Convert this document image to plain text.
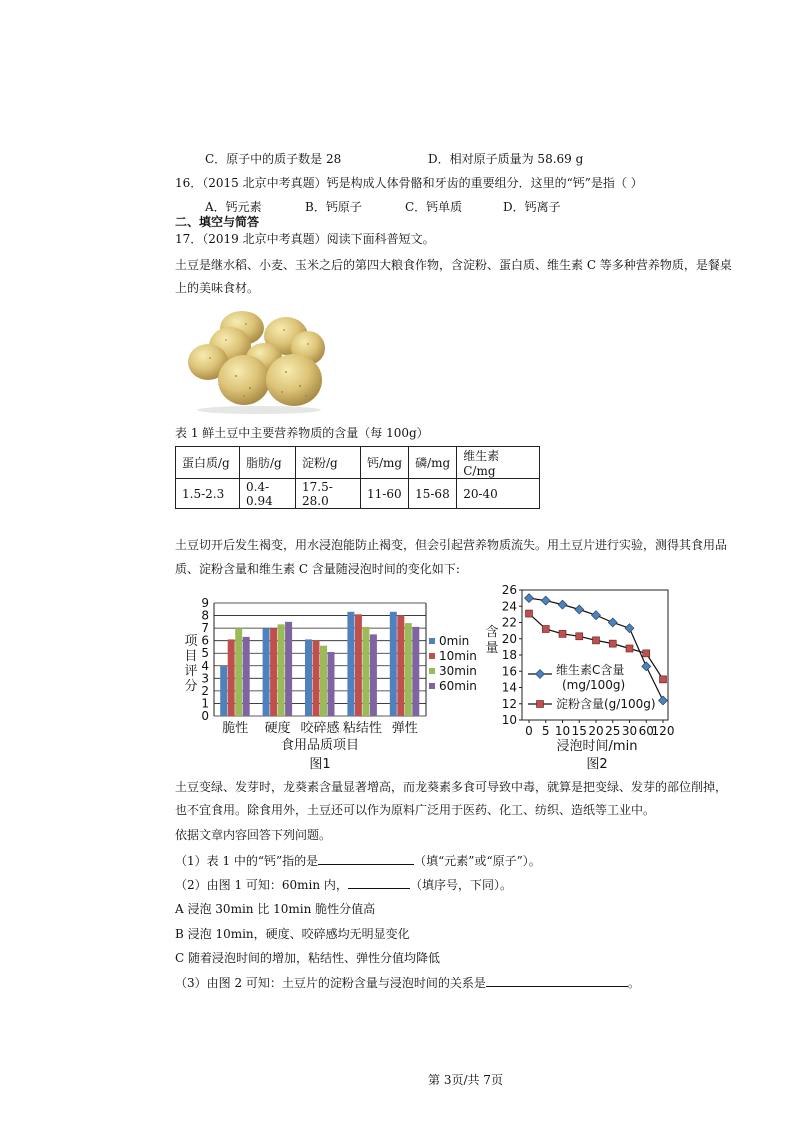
C．原子中的质子数是 28	D．相对原子质量为 58.69 g
16．（2015 北京中考真题）钙是构成人体骨骼和牙齿的重要组分．这里的“钙”是指（ ）
A．钙元素	B．钙原子	C．钙单质	D．钙离子
二、填空与简答
17．（2019 北京中考真题）阅读下面科普短文。
土豆是继水稻、小麦、玉米之后的第四大粮食作物，含淀粉、蛋白质、维生素 C 等多种营养物质，是餐桌
上的美味食材。
表 1 鲜土豆中主要营养物质的含量（每 100g）
蛋白质/g	脂肪/g	淀粉/g	钙/mg	磷/mg	维生素 C/mg
1.5-2.3	0.4-0.94	17.5-28.0	11-60	15-68	20-40
土豆切开后发生褐变，用水浸泡能防止褐变，但会引起营养物质流失。用土豆片进行实验，测得其食用品
质、淀粉含量和维生素 C 含量随浸泡时间的变化如下:
0
1
2
3
4
5
6
7
8
9
项
目
评
分
脆性 硬度 咬碎感 粘结性 弹性
食用品质项目
图1
0min
10min
30min
60min
10
12
14
16
18
20
22
24
26
含
量
0 5 10 15 20 25 30 60
120
浸泡时间/min
图2
维生素C含量
(mg/100g)
淀粉含量(g/100g)
土豆变绿、发芽时，龙葵素含量显著增高，而龙葵素多食可导致中毒，就算是把变绿、发芽的部位削掉，
也不宜食用。除食用外，土豆还可以作为原料广泛用于医药、化工、纺织、造纸等工业中。
依据文章内容回答下列问题。
（1）表 1 中的“钙”指的是	（填“元素”或“原子”）。
（2）由图 1 可知：60min 内，	（填序号，下同）。
A 浸泡 30min 比 10min 脆性分值高
B 浸泡 10min，硬度、咬碎感均无明显变化
C 随着浸泡时间的增加，粘结性、弹性分值均降低
（3）由图 2 可知：土豆片的淀粉含量与浸泡时间的关系是	。
第 3页/共 7页
